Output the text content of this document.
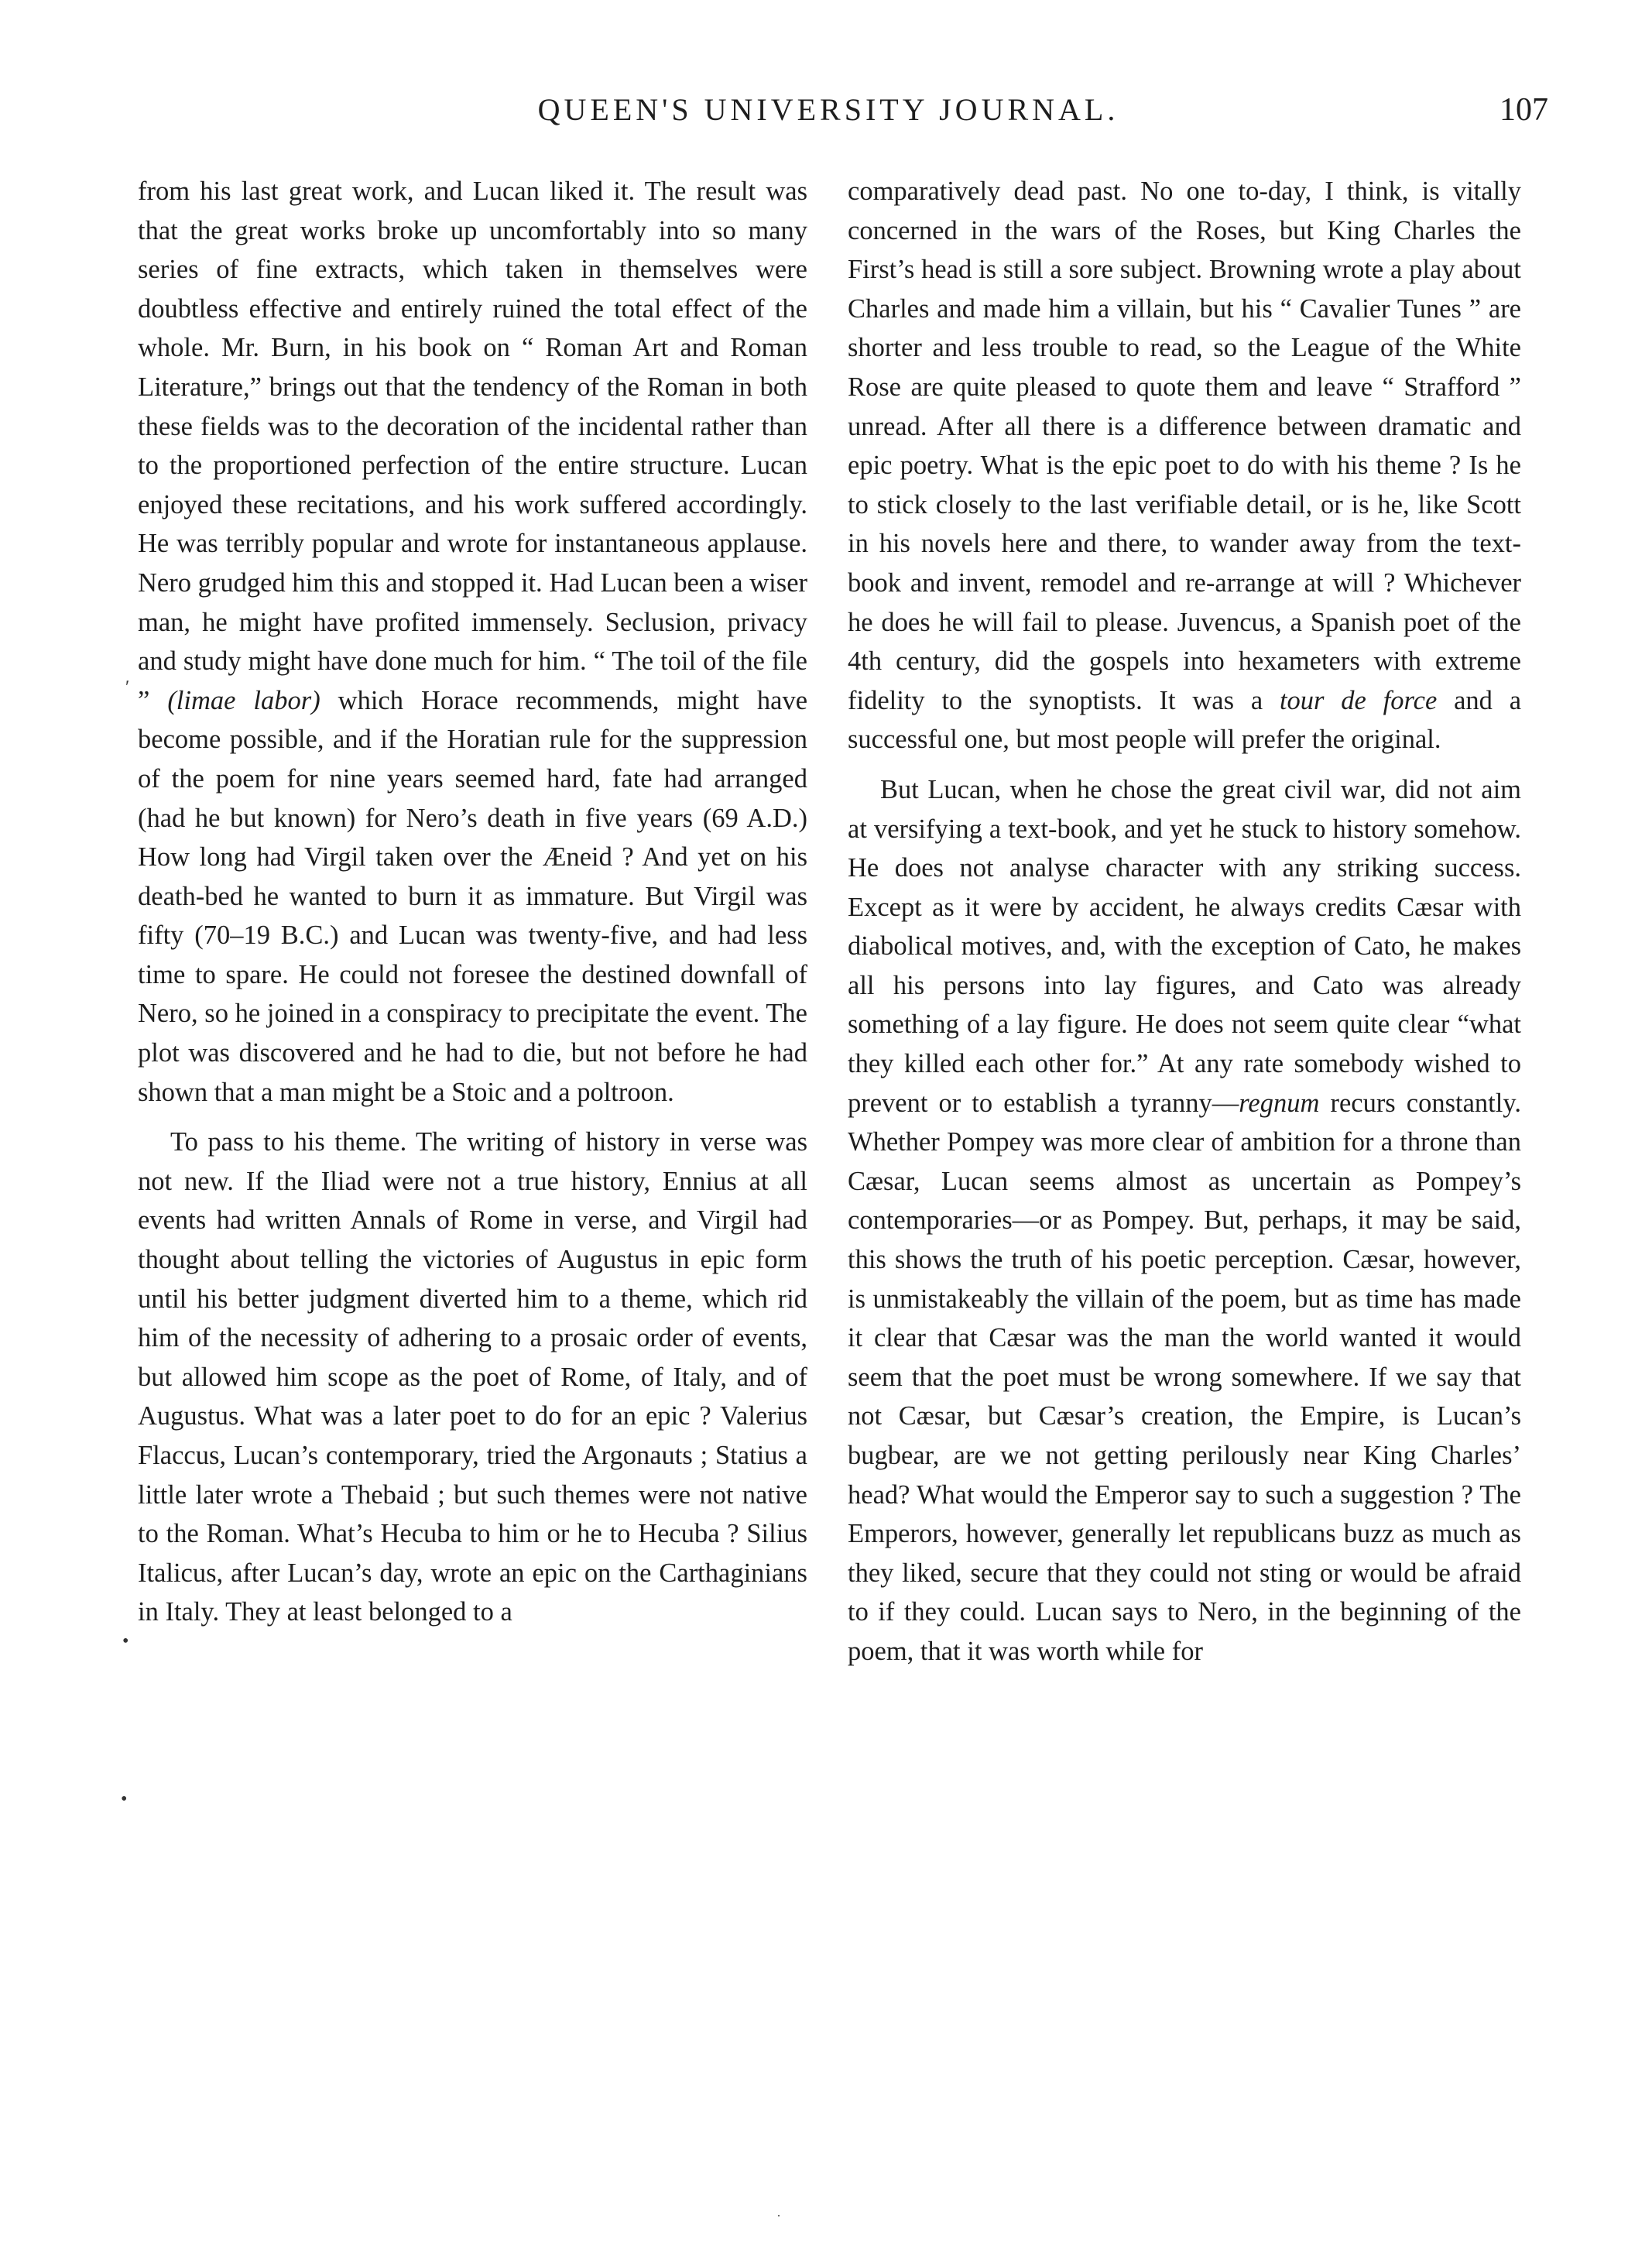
QUEEN'S UNIVERSITY JOURNAL.	107

from his last great work, and Lucan liked it. The result was that the great works broke up uncomfortably into so many series of fine extracts, which taken in themselves were doubtless effective and entirely ruined the total effect of the whole. Mr. Burn, in his book on “ Roman Art and Roman Literature,” brings out that the tendency of the Roman in both these fields was to the decoration of the incidental rather than to the proportioned perfection of the entire structure. Lucan enjoyed these recitations, and his work suffered accordingly. He was terribly popular and wrote for instantaneous applause. Nero grudged him this and stopped it. Had Lucan been a wiser man, he might have profited immensely. Seclusion, privacy and study might have done much for him. “ The toil of the file ” (limae labor) which Horace recommends, might have become possible, and if the Horatian rule for the suppression of the poem for nine years seemed hard, fate had arranged (had he but known) for Nero’s death in five years (69 A.D.) How long had Virgil taken over the Æneid ? And yet on his death-bed he wanted to burn it as immature. But Virgil was fifty (70–19 B.C.) and Lucan was twenty-five, and had less time to spare. He could not foresee the destined downfall of Nero, so he joined in a conspiracy to precipitate the event. The plot was discovered and he had to die, but not before he had shown that a man might be a Stoic and a poltroon.

To pass to his theme. The writing of history in verse was not new. If the Iliad were not a true history, Ennius at all events had written Annals of Rome in verse, and Virgil had thought about telling the victories of Augustus in epic form until his better judgment diverted him to a theme, which rid him of the necessity of adhering to a prosaic order of events, but allowed him scope as the poet of Rome, of Italy, and of Augustus. What was a later poet to do for an epic ? Valerius Flaccus, Lucan’s contemporary, tried the Argonauts ; Statius a little later wrote a Thebaid ; but such themes were not native to the Roman. What’s Hecuba to him or he to Hecuba ? Silius Italicus, after Lucan’s day, wrote an epic on the Carthaginians in Italy. They at least belonged to a

comparatively dead past. No one to-day, I think, is vitally concerned in the wars of the Roses, but King Charles the First’s head is still a sore subject. Browning wrote a play about Charles and made him a villain, but his “ Cavalier Tunes ” are shorter and less trouble to read, so the League of the White Rose are quite pleased to quote them and leave “ Strafford ” unread. After all there is a difference between dramatic and epic poetry. What is the epic poet to do with his theme ? Is he to stick closely to the last verifiable detail, or is he, like Scott in his novels here and there, to wander away from the text-book and invent, remodel and re-arrange at will ? Whichever he does he will fail to please. Juvencus, a Spanish poet of the 4th century, did the gospels into hexameters with extreme fidelity to the synoptists. It was a tour de force and a successful one, but most people will prefer the original.

But Lucan, when he chose the great civil war, did not aim at versifying a text-book, and yet he stuck to history somehow. He does not analyse character with any striking success. Except as it were by accident, he always credits Cæsar with diabolical motives, and, with the exception of Cato, he makes all his persons into lay figures, and Cato was already something of a lay figure. He does not seem quite clear “what they killed each other for.” At any rate somebody wished to prevent or to establish a tyranny—regnum recurs constantly. Whether Pompey was more clear of ambition for a throne than Cæsar, Lucan seems almost as uncertain as Pompey’s contemporaries—or as Pompey. But, perhaps, it may be said, this shows the truth of his poetic perception. Cæsar, however, is unmistakeably the villain of the poem, but as time has made it clear that Cæsar was the man the world wanted it would seem that the poet must be wrong somewhere. If we say that not Cæsar, but Cæsar’s creation, the Empire, is Lucan’s bugbear, are we not getting perilously near King Charles’ head? What would the Emperor say to such a suggestion ? The Emperors, however, generally let republicans buzz as much as they liked, secure that they could not sting or would be afraid to if they could. Lucan says to Nero, in the beginning of the poem, that it was worth while for

ʹ
•
•
·
